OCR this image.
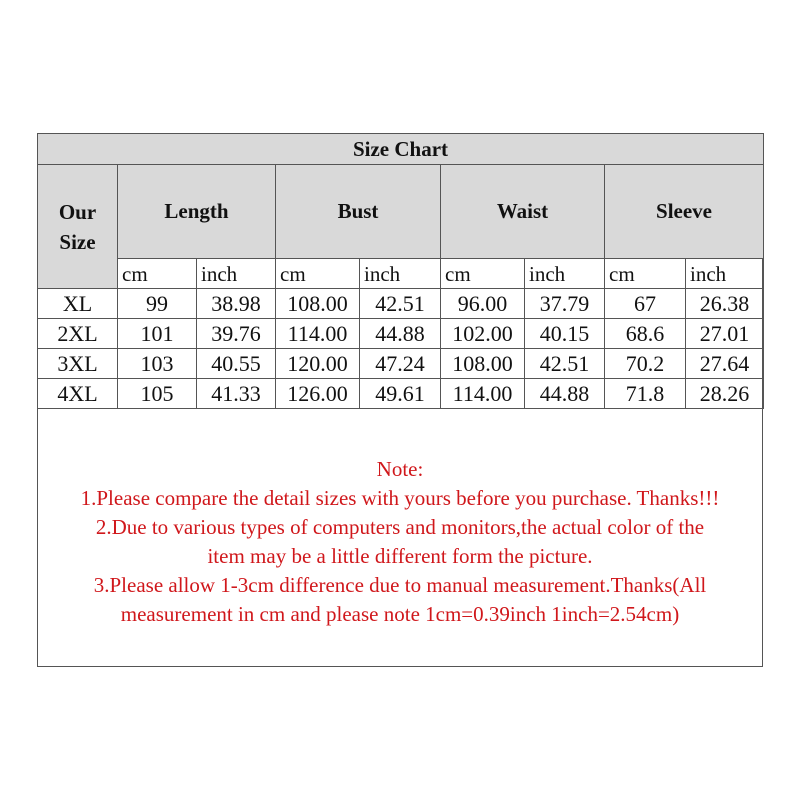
Size Chart								

Our
Size	Length		Bust		Waist		Sleeve	
	cm	inch	cm	inch	cm	inch	cm	inch
XL	99	38.98	108.00	42.51	96.00	37.79	67	26.38
2XL	101	39.76	114.00	44.88	102.00	40.15	68.6	27.01
3XL	103	40.55	120.00	47.24	108.00	42.51	70.2	27.64
4XL	105	41.33	126.00	49.61	114.00	44.88	71.8	28.26
Note:
1.Please compare the detail sizes with yours before you purchase. Thanks!!!
2.Due to various types of computers and monitors,the actual color of the
item may be a little different form the picture.
3.Please allow 1-3cm difference due to manual measurement.Thanks(All
measurement in cm and please note 1cm=0.39inch 1inch=2.54cm)
